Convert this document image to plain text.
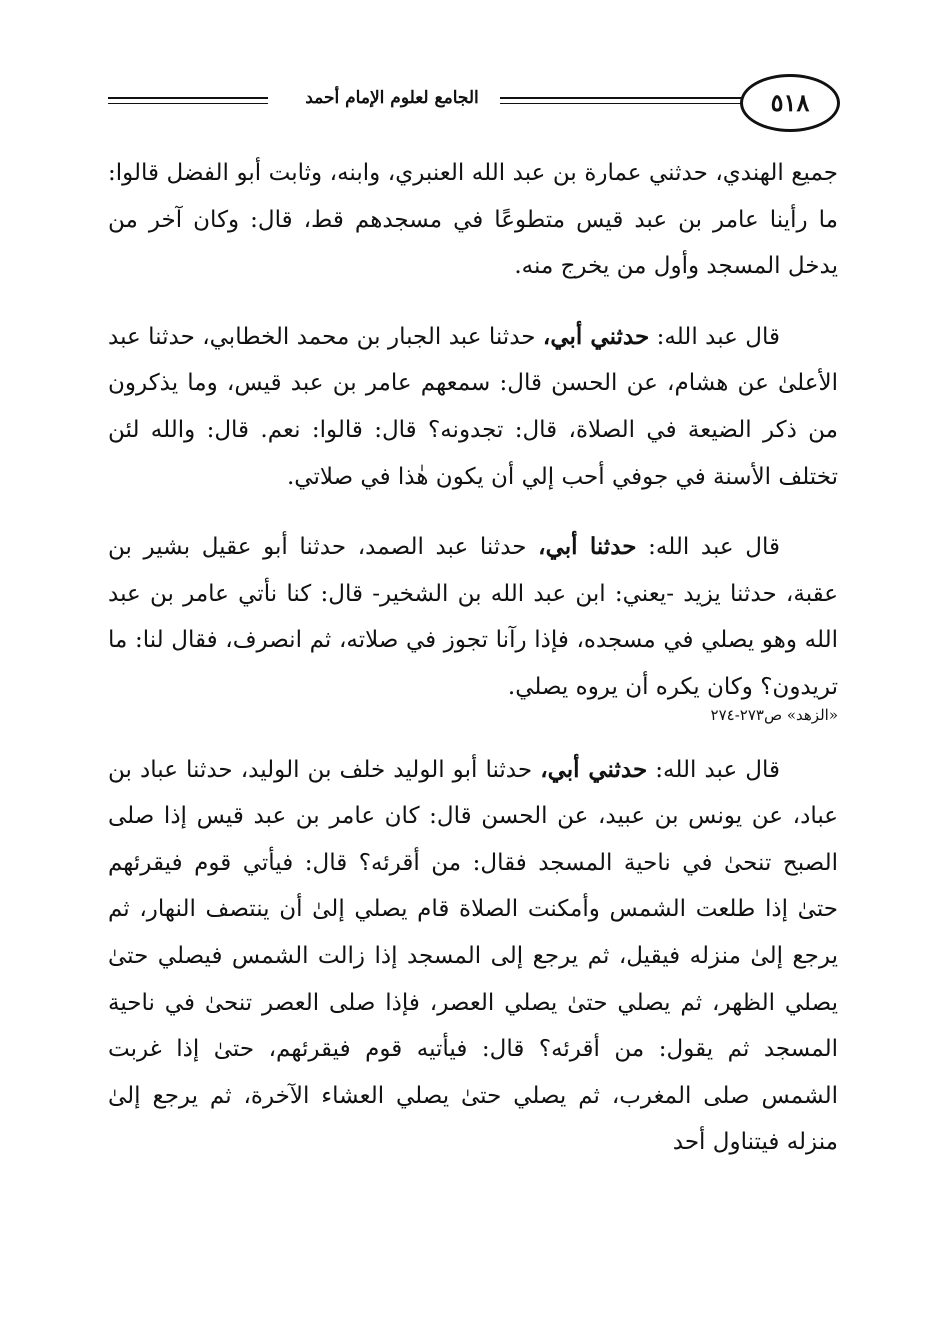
الجامع لعلوم الإمام أحمد	٥١٨

جميع الهندي، حدثني عمارة بن عبد الله العنبري، وابنه، وثابت أبو الفضل قالوا: ما رأينا عامر بن عبد قيس متطوعًا في مسجدهم قط، قال: وكان آخر من يدخل المسجد وأول من يخرج منه.

قال عبد الله: حدثني أبي، حدثنا عبد الجبار بن محمد الخطابي، حدثنا عبد الأعلىٰ عن هشام، عن الحسن قال: سمعهم عامر بن عبد قيس، وما يذكرون من ذكر الضيعة في الصلاة، قال: تجدونه؟ قال: قالوا: نعم. قال: والله لئن تختلف الأسنة في جوفي أحب إلي أن يكون هٰذا في صلاتي.

قال عبد الله: حدثنا أبي، حدثنا عبد الصمد، حدثنا أبو عقيل بشير بن عقبة، حدثنا يزيد -يعني: ابن عبد الله بن الشخير- قال: كنا نأتي عامر بن عبد الله وهو يصلي في مسجده، فإذا رآنا تجوز في صلاته، ثم انصرف، فقال لنا: ما تريدون؟ وكان يكره أن يروه يصلي.

«الزهد» ص٢٧٣-٢٧٤

قال عبد الله: حدثني أبي، حدثنا أبو الوليد خلف بن الوليد، حدثنا عباد بن عباد، عن يونس بن عبيد، عن الحسن قال: كان عامر بن عبد قيس إذا صلى الصبح تنحىٰ في ناحية المسجد فقال: من أقرئه؟ قال: فيأتي قوم فيقرئهم حتىٰ إذا طلعت الشمس وأمكنت الصلاة قام يصلي إلىٰ أن ينتصف النهار، ثم يرجع إلىٰ منزله فيقيل، ثم يرجع إلى المسجد إذا زالت الشمس فيصلي حتىٰ يصلي الظهر، ثم يصلي حتىٰ يصلي العصر، فإذا صلى العصر تنحىٰ في ناحية المسجد ثم يقول: من أقرئه؟ قال: فيأتيه قوم فيقرئهم، حتىٰ إذا غربت الشمس صلى المغرب، ثم يصلي حتىٰ يصلي العشاء الآخرة، ثم يرجع إلىٰ منزله فيتناول أحد
